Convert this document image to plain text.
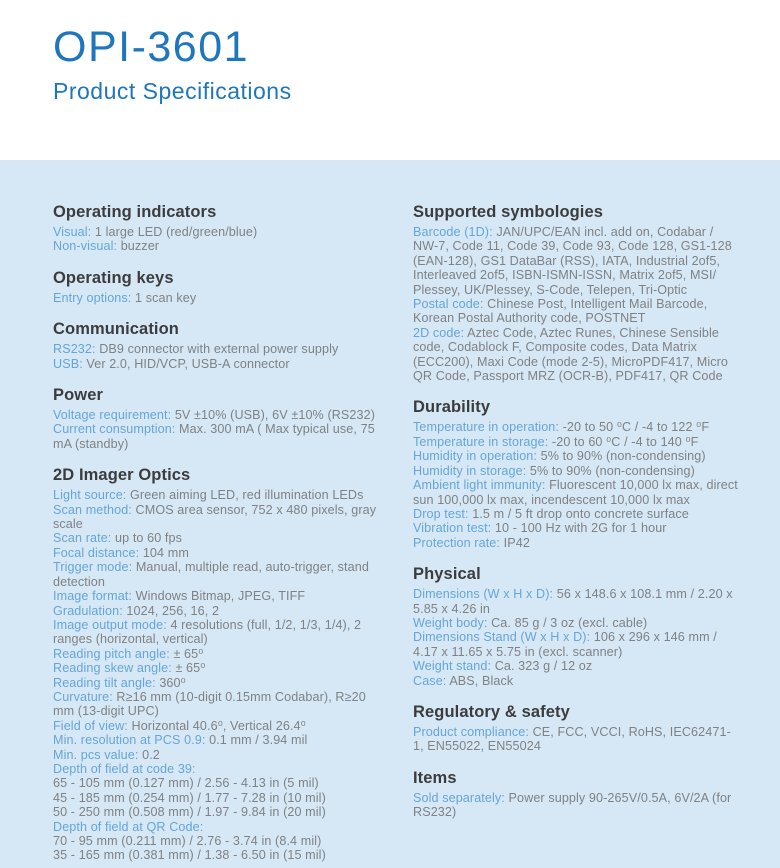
OPI-3601
Product Specifications
Operating indicators

Visual: 1 large LED (red/green/blue)

Non-visual: buzzer

Operating keys

Entry options: 1 scan key

Communication

RS232: DB9 connector with external power supply

USB: Ver 2.0, HID/VCP, USB-A connector

Power

Voltage requirement: 5V ±10% (USB), 6V ±10% (RS232)

Current consumption: Max. 300 mA ( Max typical use, 75 mA (standby)

2D Imager Optics

Light source: Green aiming LED, red illumination LEDs

Scan method: CMOS area sensor, 752 x 480 pixels, gray scale

Scan rate: up to 60 fps

Focal distance: 104 mm

Trigger mode: Manual, multiple read, auto-trigger, stand detection

Image format: Windows Bitmap, JPEG, TIFF

Gradulation: 1024, 256, 16, 2

Image output mode: 4 resolutions (full, 1/2, 1/3, 1/4), 2 ranges (horizontal, vertical)

Reading pitch angle: ± 65⁰

Reading skew angle: ± 65⁰

Reading tilt angle: 360⁰

Curvature: R≥16 mm (10-digit 0.15mm Codabar), R≥20 mm (13-digit UPC)

Field of view: Horizontal 40.6⁰, Vertical 26.4⁰

Min. resolution at PCS 0.9: 0.1 mm / 3.94 mil

Min. pcs value: 0.2

Depth of field at code 39:

65 - 105 mm (0.127 mm) / 2.56 - 4.13 in (5 mil)

45 - 185 mm (0.254 mm) / 1.77 - 7.28 in (10 mil)

50 - 250 mm (0.508 mm) / 1.97 - 9.84 in (20 mil)

Depth of field at QR Code:

70 - 95 mm (0.211 mm) / 2.76 - 3.74 in (8.4 mil)

35 - 165 mm (0.381 mm) / 1.38 - 6.50 in (15 mil)

Supported symbologies

Barcode (1D): JAN/UPC/EAN incl. add on, Codabar / NW-7, Code 11, Code 39, Code 93, Code 128, GS1-128 (EAN-128), GS1 DataBar (RSS), IATA, Industrial 2of5, Interleaved 2of5, ISBN-ISMN-ISSN, Matrix 2of5, MSI/ Plessey, UK/Plessey, S-Code, Telepen, Tri-Optic

Postal code: Chinese Post, Intelligent Mail Barcode, Korean Postal Authority code, POSTNET

2D code: Aztec Code, Aztec Runes, Chinese Sensible code, Codablock F, Composite codes, Data Matrix (ECC200), Maxi Code (mode 2-5), MicroPDF417, Micro QR Code, Passport MRZ (OCR-B), PDF417, QR Code

Durability

Temperature in operation: -20 to 50 ⁰C / -4 to 122 ⁰F

Temperature in storage: -20 to 60 ⁰C / -4 to 140 ⁰F

Humidity in operation: 5% to 90% (non-condensing)

Humidity in storage: 5% to 90% (non-condensing)

Ambient light immunity: Fluorescent 10,000 lx max, direct sun 100,000 lx max, incendescent 10,000 lx max

Drop test: 1.5 m / 5 ft drop onto concrete surface

Vibration test: 10 - 100 Hz with 2G for 1 hour

Protection rate: IP42

Physical

Dimensions (W x H x D): 56 x 148.6 x 108.1 mm / 2.20 x 5.85 x 4.26 in

Weight body: Ca. 85 g / 3 oz (excl. cable)

Dimensions Stand (W x H x D): 106 x 296 x 146 mm / 4.17 x 11.65 x 5.75 in (excl. scanner)

Weight stand: Ca. 323 g / 12 oz

Case: ABS, Black

Regulatory & safety

Product compliance: CE, FCC, VCCI, RoHS, IEC62471-1, EN55022, EN55024

Items

Sold separately: Power supply 90-265V/0.5A, 6V/2A (for RS232)
